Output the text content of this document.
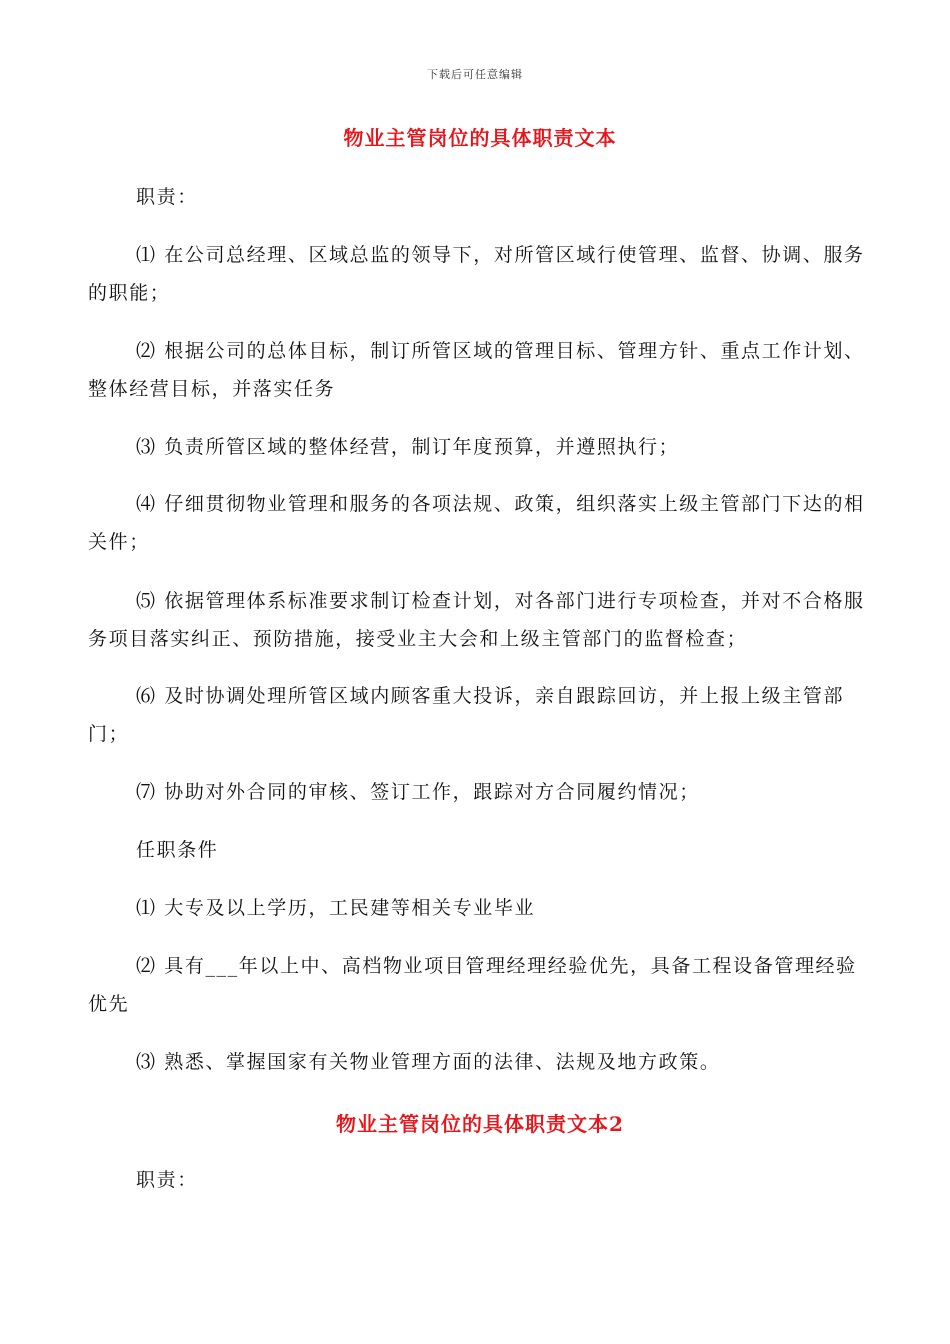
下载后可任意编辑
物业主管岗位的具体职责文本
职责：
⑴ 在公司总经理、区域总监的领导下，对所管区域行使管理、监督、协调、服务的职能；
⑵ 根据公司的总体目标，制订所管区域的管理目标、管理方针、重点工作计划、整体经营目标，并落实任务
⑶ 负责所管区域的整体经营，制订年度预算，并遵照执行；
⑷ 仔细贯彻物业管理和服务的各项法规、政策，组织落实上级主管部门下达的相关件；
⑸ 依据管理体系标准要求制订检查计划，对各部门进行专项检查，并对不合格服务项目落实纠正、预防措施，接受业主大会和上级主管部门的监督检查；
⑹ 及时协调处理所管区域内顾客重大投诉，亲自跟踪回访，并上报上级主管部门；
⑺ 协助对外合同的审核、签订工作，跟踪对方合同履约情况；
任职条件
⑴ 大专及以上学历，工民建等相关专业毕业
⑵ 具有___年以上中、高档物业项目管理经理经验优先，具备工程设备管理经验优先
⑶ 熟悉、掌握国家有关物业管理方面的法律、法规及地方政策。
物业主管岗位的具体职责文本2
职责：
